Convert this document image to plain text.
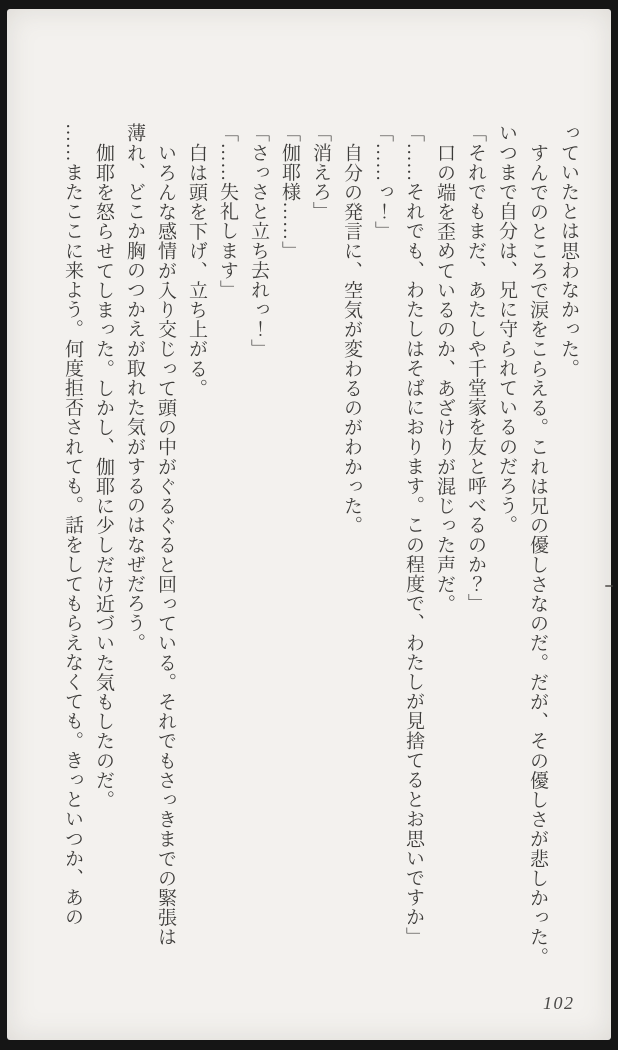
っていたとは思わなかった。

すんでのところで涙をこらえる。これは兄の優しさなのだ。だが、その優しさが悲しかった。

いつまで自分は、兄に守られているのだろう。

「それでもまだ、あたしや千堂家を友と呼べるのか？」

口の端を歪めているのか、あざけりが混じった声だ。

「……それでも、わたしはそばにおります。この程度で、わたしが見捨てるとお思いですか」

「……っ！」

自分の発言に、空気が変わるのがわかった。

「消えろ」

「伽耶様……」

「さっさと立ち去れっ！」

「……失礼します」

白は頭を下げ、立ち上がる。

いろんな感情が入り交じって頭の中がぐるぐると回っている。それでもさっきまでの緊張は

薄れ、どこか胸のつかえが取れた気がするのはなぜだろう。

伽耶を怒らせてしまった。しかし、伽耶に少しだけ近づいた気もしたのだ。

……またここに来よう。何度拒否されても。話をしてもらえなくても。きっといつか、あの

102
